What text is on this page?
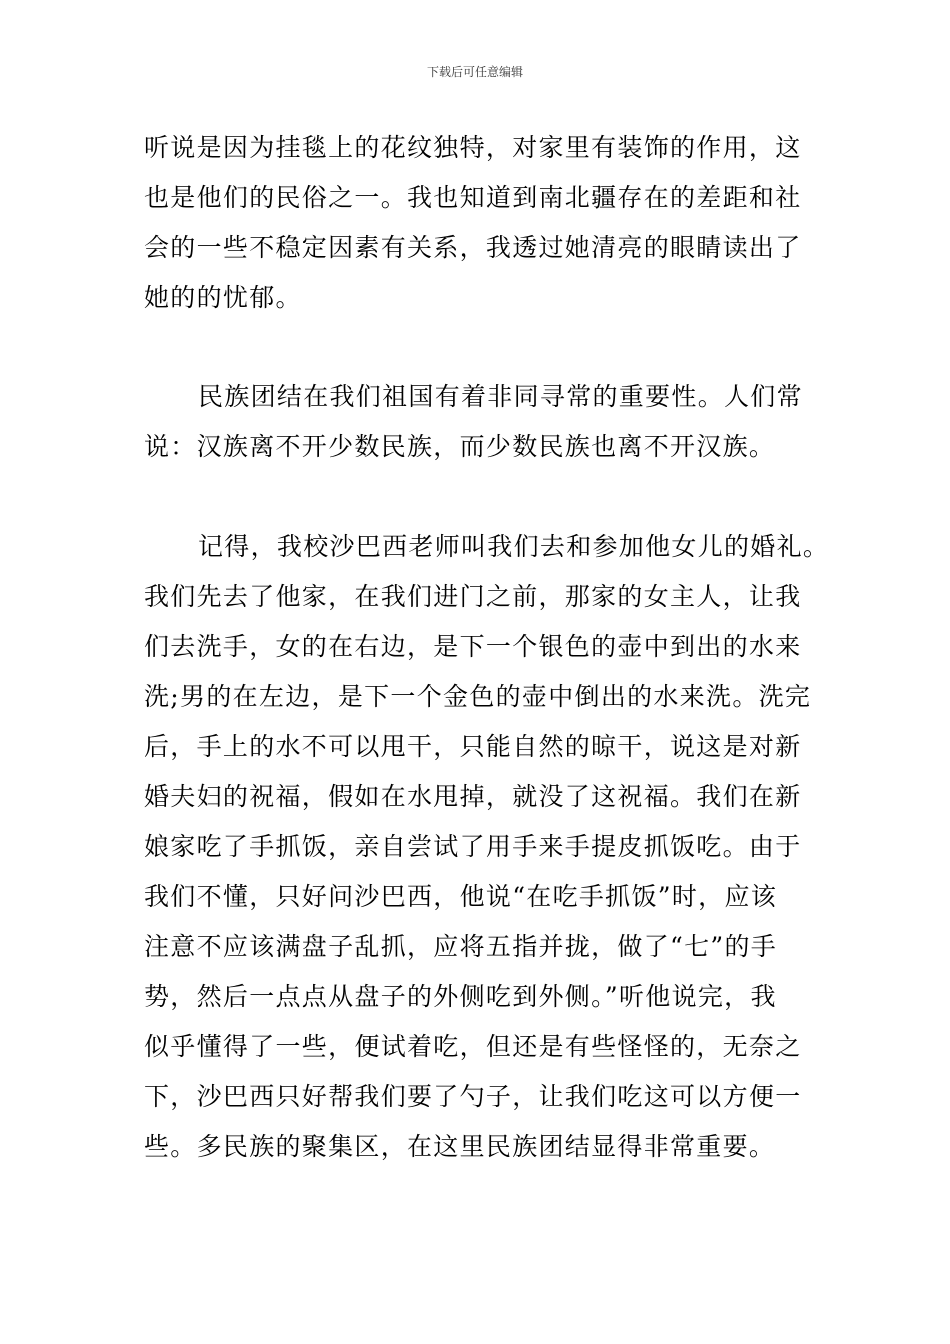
下载后可任意编辑
听说是因为挂毯上的花纹独特，对家里有装饰的作用，这
也是他们的民俗之一。我也知道到南北疆存在的差距和社
会的一些不稳定因素有关系，我透过她清亮的眼睛读出了
她的的忧郁。
民族团结在我们祖国有着非同寻常的重要性。人们常
说：汉族离不开少数民族，而少数民族也离不开汉族。
记得，我校沙巴西老师叫我们去和参加他女儿的婚礼。
我们先去了他家，在我们进门之前，那家的女主人，让我
们去洗手，女的在右边，是下一个银色的壶中到出的水来
洗;男的在左边，是下一个金色的壶中倒出的水来洗。洗完
后，手上的水不可以甩干，只能自然的晾干，说这是对新
婚夫妇的祝福，假如在水甩掉，就没了这祝福。我们在新
娘家吃了手抓饭，亲自尝试了用手来手提皮抓饭吃。由于
我们不懂，只好问沙巴西，他说“在吃手抓饭”时，应该
注意不应该满盘子乱抓，应将五指并拢，做了“七”的手
势，然后一点点从盘子的外侧吃到外侧。”听他说完，我
似乎懂得了一些，便试着吃，但还是有些怪怪的，无奈之
下，沙巴西只好帮我们要了勺子，让我们吃这可以方便一
些。多民族的聚集区，在这里民族团结显得非常重要。
